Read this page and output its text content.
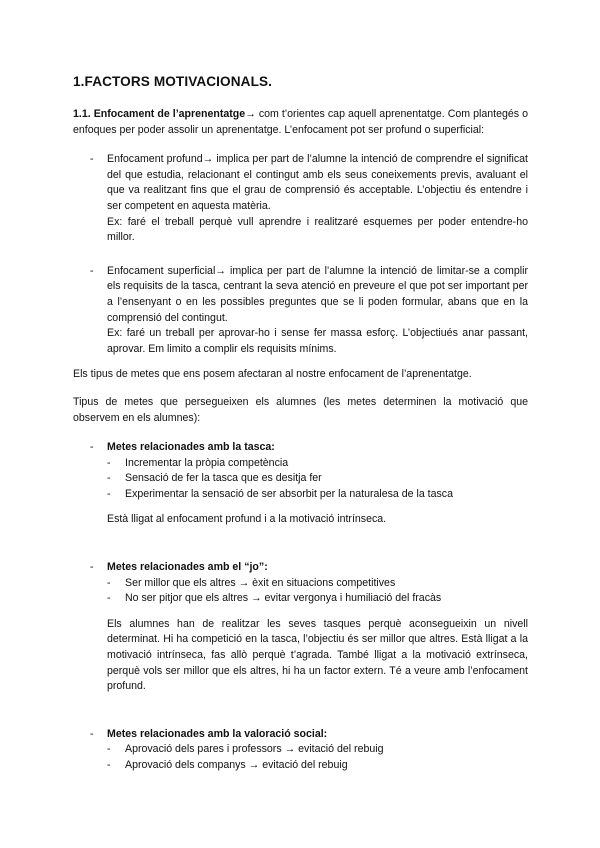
1.FACTORS MOTIVACIONALS.

1.1. Enfocament de l’aprenentatge→ com t’orientes cap aquell aprenentatge. Com plantegés o enfoques per poder assolir un aprenentatge. L’enfocament pot ser profund o superficial:

- Enfocament profund→ implica per part de l’alumne la intenció de comprendre el significat del que estudia, relacionant el contingut amb els seus coneixements previs, avaluant el que va realitzant fins que el grau de comprensió és acceptable. L’objectiu és entendre i ser competent en aquesta matèria.

Ex: faré el treball perquè vull aprendre i realitzaré esquemes per poder entendre-ho millor.

- Enfocament superficial→ implica per part de l’alumne la intenció de limitar-se a complir els requisits de la tasca, centrant la seva atenció en preveure el que pot ser important per a l’ensenyant o en les possibles preguntes que se li poden formular, abans que en la comprensió del contingut.

Ex: faré un treball per aprovar-ho i sense fer massa esforç. L’objectiués anar passant, aprovar. Em limito a complir els requisits mínims.

Els tipus de metes que ens posem afectaran al nostre enfocament de l’aprenentatge.

Tipus de metes que persegueixen els alumnes (les metes determinen la motivació que observem en els alumnes):

- Metes relacionades amb la tasca:

- Incrementar la pròpia competència
- Sensació de fer la tasca que es desitja fer
- Experimentar la sensació de ser absorbit per la naturalesa de la tasca

Està lligat al enfocament profund i a la motivació intrínseca.

- Metes relacionades amb el “jo”:

- Ser millor que els altres → èxit en situacions competitives
- No ser pitjor que els altres → evitar vergonya i humiliació del fracàs

Els alumnes han de realitzar les seves tasques perquè aconsegueixin un nivell determinat. Hi ha competició en la tasca, l’objectiu és ser millor que altres. Està lligat a la motivació intrínseca, fas allò perquè t’agrada. També lligat a la motivació extrínseca, perquè vols ser millor que els altres, hi ha un factor extern. Té a veure amb l’enfocament profund.

- Metes relacionades amb la valoració social:

- Aprovació dels pares i professors → evitació del rebuig
- Aprovació dels companys → evitació del rebuig
